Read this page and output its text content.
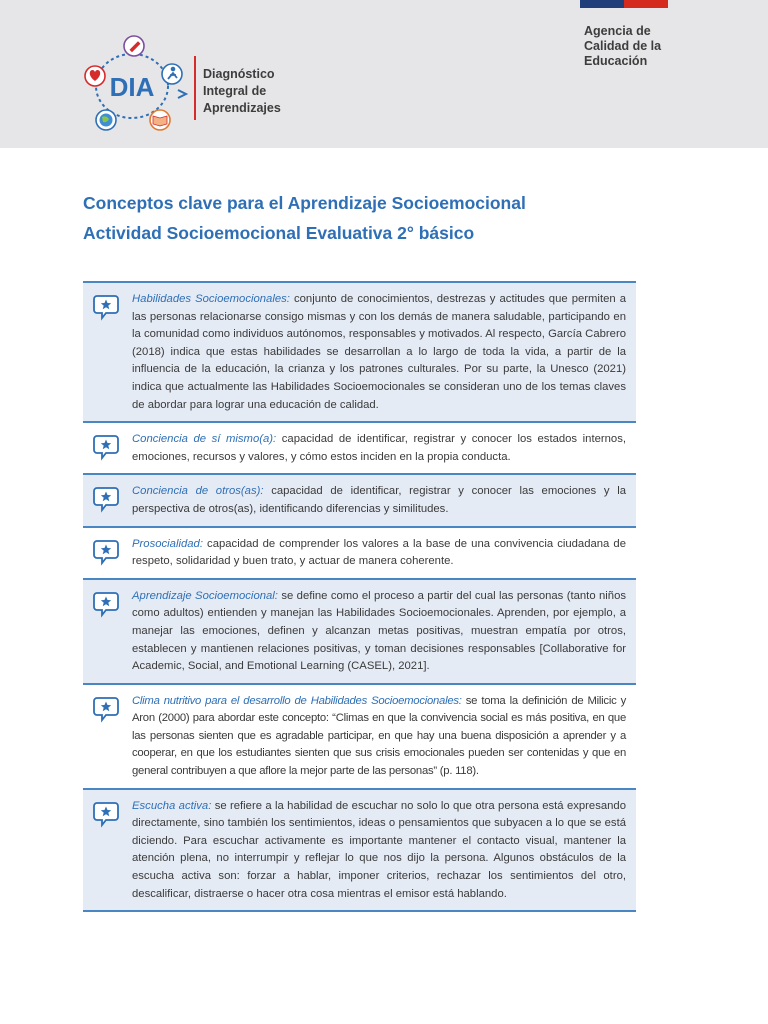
DIA	Diagnóstico
Integral de
Aprendizajes
Agencia de
Calidad de la
Educación
Conceptos clave para el Aprendizaje Socioemocional
Actividad Socioemocional Evaluativa 2° básico

Habilidades Socioemocionales: conjunto de conocimientos, destrezas y actitudes que permiten a las personas relacionarse consigo mismas y con los demás de manera saludable, participando en la comunidad como individuos autónomos, responsables y motivados. Al respecto, García Cabrero (2018) indica que estas habilidades se desarrollan a lo largo de toda la vida, a partir de la influencia de la educación, la crianza y los patrones culturales. Por su parte, la Unesco (2021) indica que actualmente las Habilidades Socioemocionales se consideran uno de los temas claves de abordar para lograr una educación de calidad.

Conciencia de sí mismo(a): capacidad de identificar, registrar y conocer los estados internos, emociones, recursos y valores, y cómo estos inciden en la propia conducta.

Conciencia de otros(as): capacidad de identificar, registrar y conocer las emociones y la perspectiva de otros(as), identificando diferencias y similitudes.

Prosocialidad: capacidad de comprender los valores a la base de una convivencia ciudadana de respeto, solidaridad y buen trato, y actuar de manera coherente.

Aprendizaje Socioemocional: se define como el proceso a partir del cual las personas (tanto niños como adultos) entienden y manejan las Habilidades Socioemocionales. Aprenden, por ejemplo, a manejar las emociones, definen y alcanzan metas positivas, muestran empatía por otros, establecen y mantienen relaciones positivas, y toman decisiones responsables [Collaborative for Academic, Social, and Emotional Learning (CASEL), 2021].

Clima nutritivo para el desarrollo de Habilidades Socioemocionales: se toma la definición de Milicic y Aron (2000) para abordar este concepto: “Climas en que la convivencia social es más positiva, en que las personas sienten que es agradable participar, en que hay una buena disposición a aprender y a cooperar, en que los estudiantes sienten que sus crisis emocionales pueden ser contenidas y que en general contribuyen a que aflore la mejor parte de las personas” (p. 118).

Escucha activa: se refiere a la habilidad de escuchar no solo lo que otra persona está expresando directamente, sino también los sentimientos, ideas o pensamientos que subyacen a lo que se está diciendo. Para escuchar activamente es importante mantener el contacto visual, mantener la atención plena, no interrumpir y reflejar lo que nos dijo la persona. Algunos obstáculos de la escucha activa son: forzar a hablar, imponer criterios, rechazar los sentimientos del otro, descalificar, distraerse o hacer otra cosa mientras el emisor está hablando.
